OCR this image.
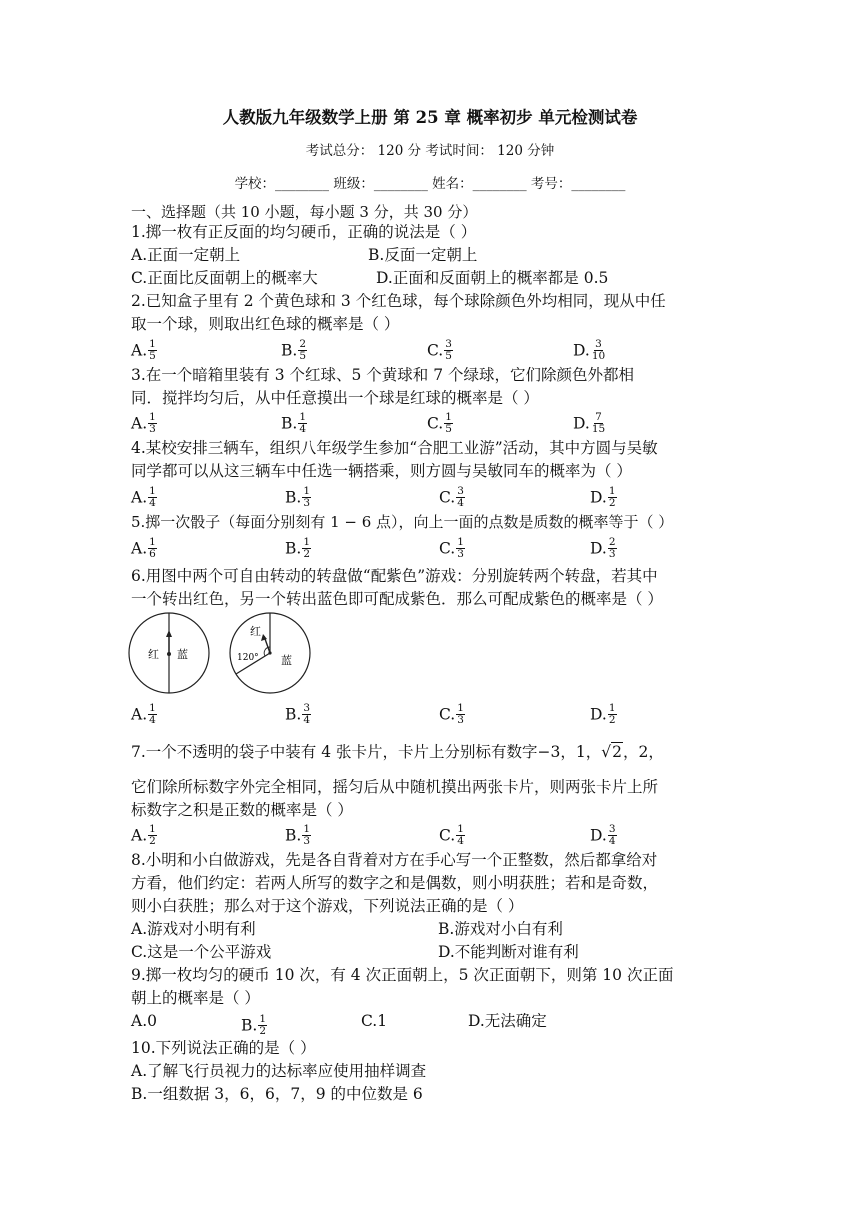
人教版九年级数学上册 第 25 章 概率初步 单元检测试卷
考试总分： 120 分 考试时间： 120 分钟
学校：________ 班级：________ 姓名：________ 考号：________
一、选择题（共 10 小题，每小题 3 分，共 30 分）
1.掷一枚有正反面的均匀硬币，正确的说法是（ ）
A.正面一定朝上	B.反面一定朝上
C.正面比反面朝上的概率大	D.正面和反面朝上的概率都是 0.5
2.已知盒子里有 2 个黄色球和 3 个红色球，每个球除颜色外均相同，现从中任
取一个球，则取出红色球的概率是（ ）
A. $\frac{1}{5}$	B. $\frac{2}{5}$	C. $\frac{3}{5}$	D. $\frac{3}{10}$
3.在一个暗箱里装有 3 个红球、5 个黄球和 7 个绿球，它们除颜色外都相
同．搅拌均匀后，从中任意摸出一个球是红球的概率是（ ）
A. $\frac{1}{3}$	B. $\frac{1}{4}$	C. $\frac{1}{5}$	D. $\frac{7}{15}$
4.某校安排三辆车，组织八年级学生参加“合肥工业游”活动，其中方圆与吴敏
同学都可以从这三辆车中任选一辆搭乘，则方圆与吴敏同车的概率为（ ）
A. $\frac{1}{4}$	B. $\frac{1}{3}$	C. $\frac{3}{4}$	D. $\frac{1}{2}$
5.掷一次骰子（每面分别刻有 1 − 6 点），向上一面的点数是质数的概率等于（ ）
A. $\frac{1}{6}$	B. $\frac{1}{2}$	C. $\frac{1}{3}$	D. $\frac{2}{3}$
6.用图中两个可自由转动的转盘做“配紫色”游戏：分别旋转两个转盘，若其中
一个转出红色，另一个转出蓝色即可配成紫色．那么可配成紫色的概率是（ ）
红 蓝
红
120° 蓝
A. $\frac{1}{4}$	B. $\frac{3}{4}$	C. $\frac{1}{3}$	D. $\frac{1}{2}$
7.一个不透明的袋子中装有 4 张卡片，卡片上分别标有数字−3，1，√2，2，
它们除所标数字外完全相同，摇匀后从中随机摸出两张卡片，则两张卡片上所
标数字之积是正数的概率是（ ）
A. $\frac{1}{2}$	B. $\frac{1}{3}$	C. $\frac{1}{4}$	D. $\frac{3}{4}$
8.小明和小白做游戏，先是各自背着对方在手心写一个正整数，然后都拿给对
方看，他们约定：若两人所写的数字之和是偶数，则小明获胜；若和是奇数，
则小白获胜；那么对于这个游戏，下列说法正确的是（ ）
A.游戏对小明有利	B.游戏对小白有利
C.这是一个公平游戏	D.不能判断对谁有利
9.掷一枚均匀的硬币 10 次，有 4 次正面朝上，5 次正面朝下，则第 10 次正面
朝上的概率是（ ）
A.0	B. $\frac{1}{2}$	C.1	D.无法确定
10.下列说法正确的是（ ）
A.了解飞行员视力的达标率应使用抽样调查
B.一组数据 3，6，6，7，9 的中位数是 6
